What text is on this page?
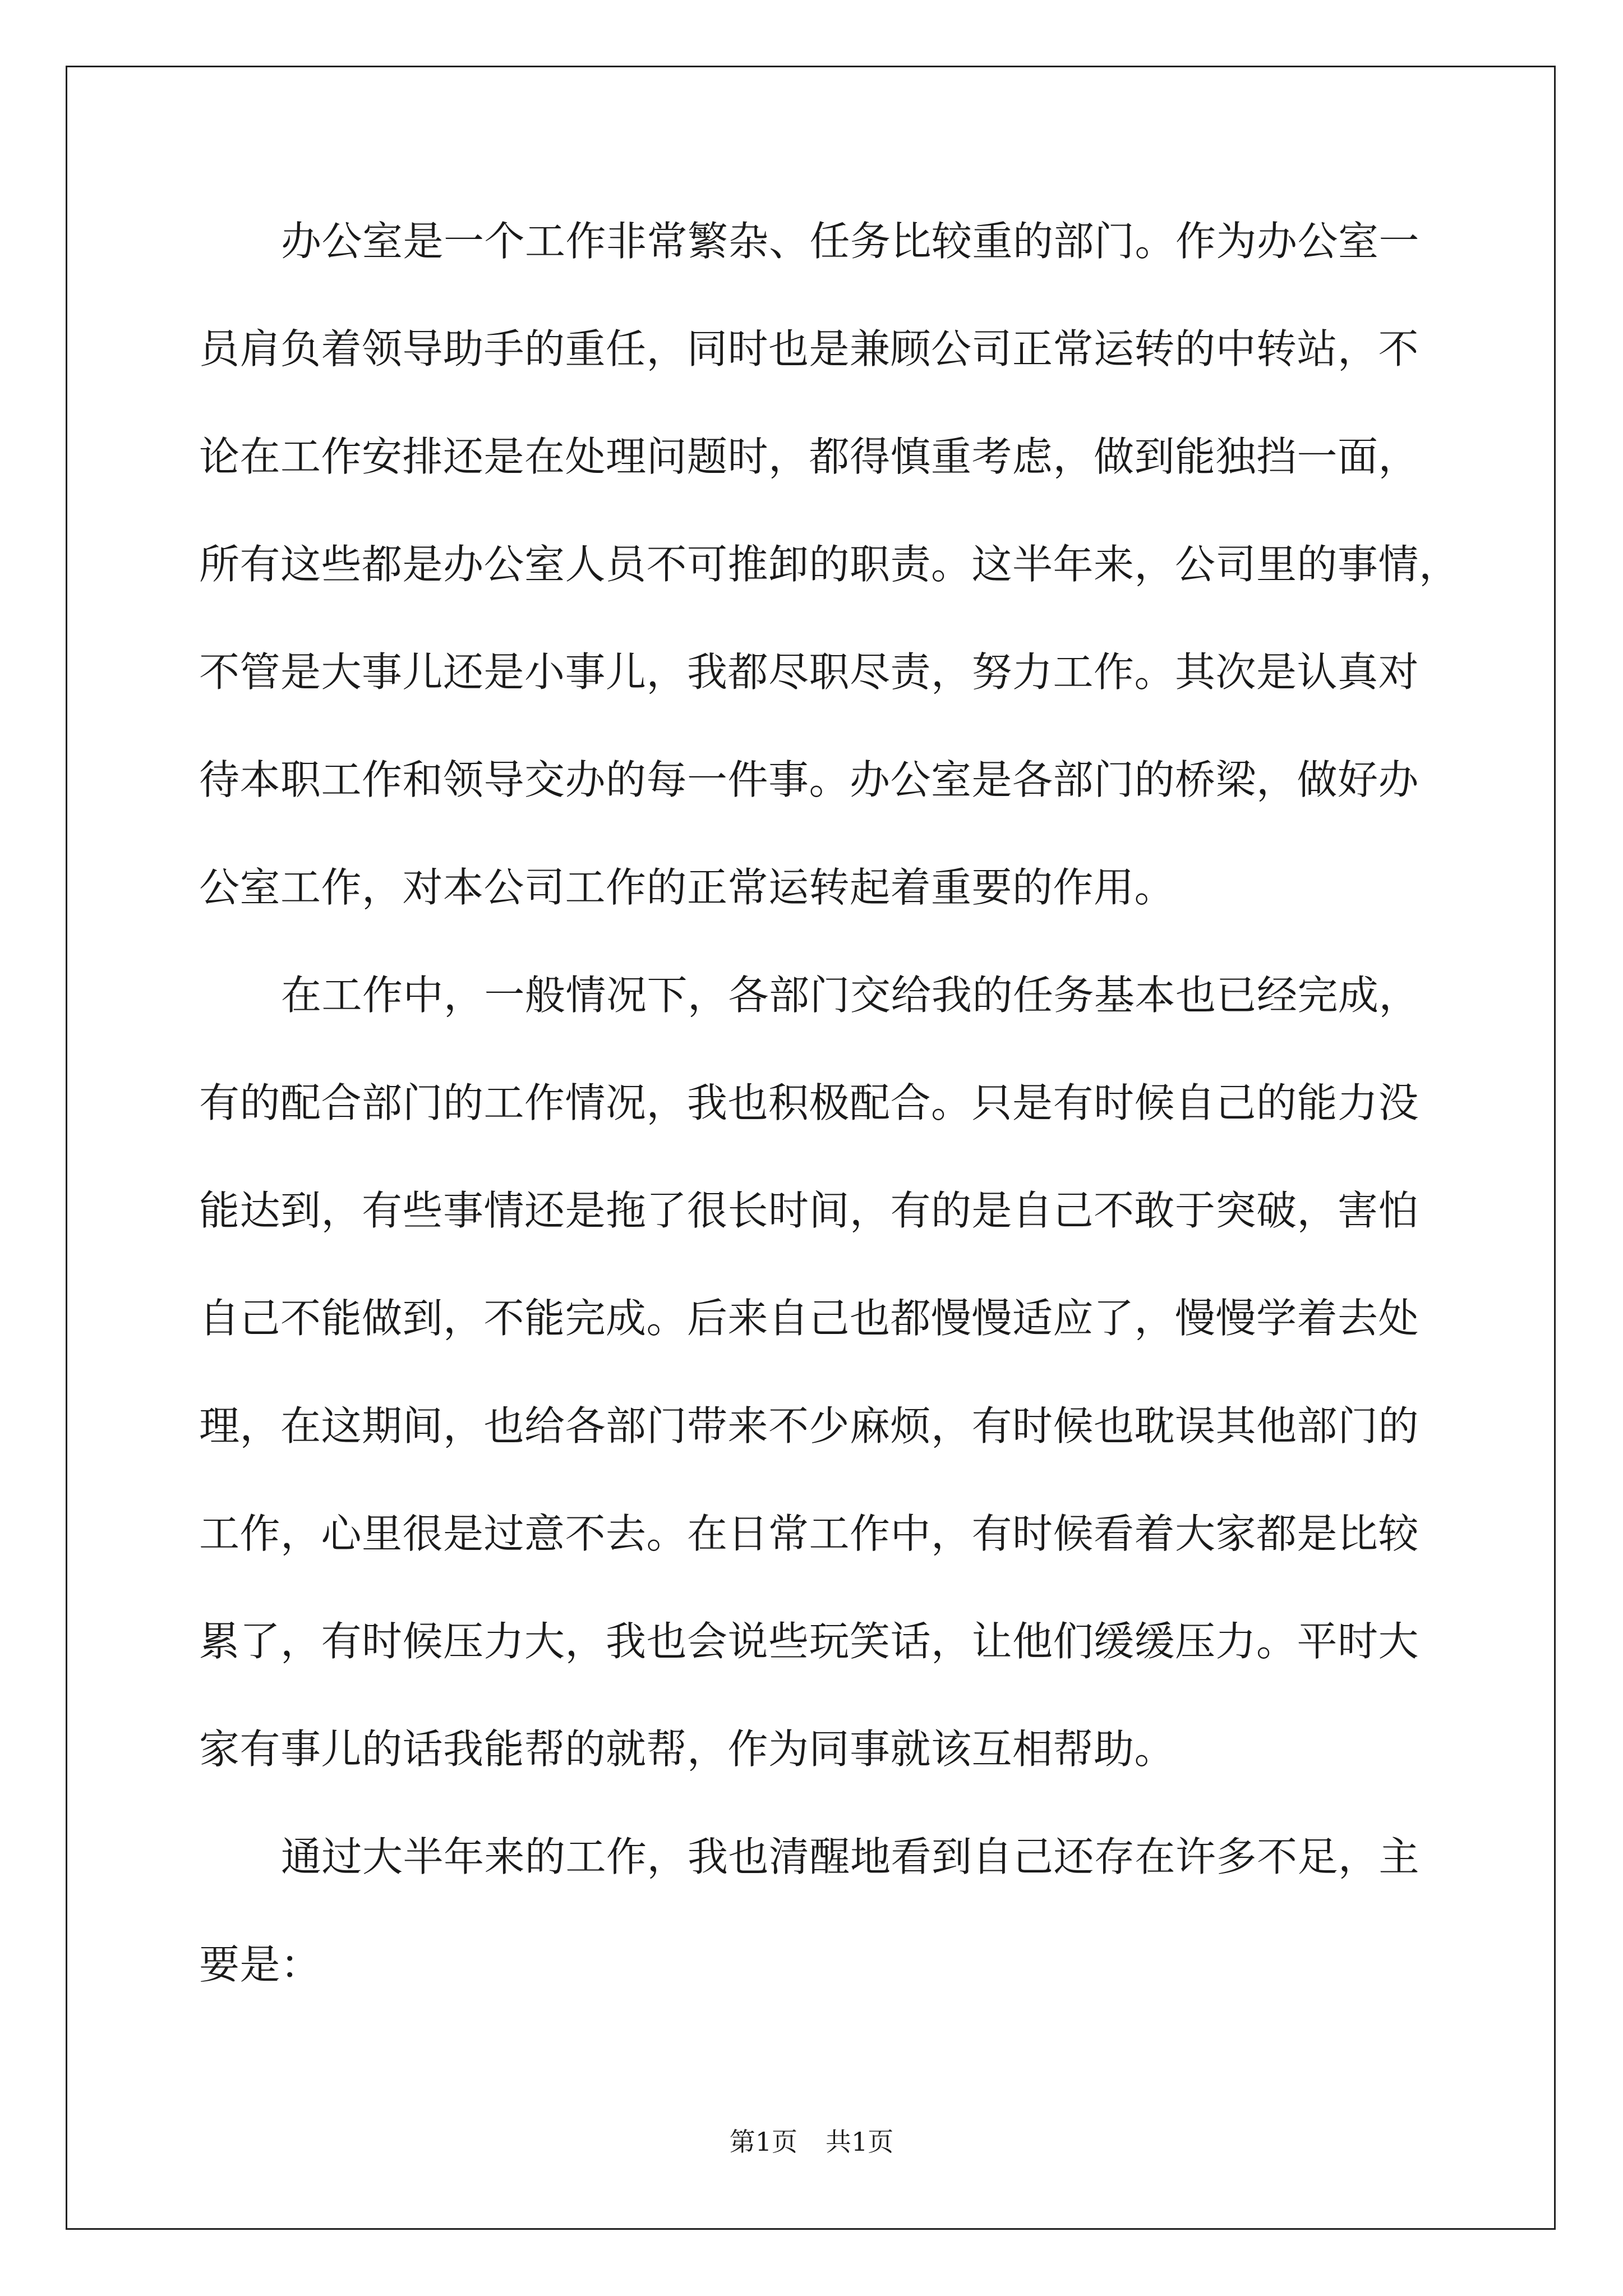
办公室是一个工作非常繁杂、任务比较重的部门。作为办公室一
员肩负着领导助手的重任，同时也是兼顾公司正常运转的中转站，不
论在工作安排还是在处理问题时，都得慎重考虑，做到能独挡一面，
所有这些都是办公室人员不可推卸的职责。这半年来，公司里的事情，
不管是大事儿还是小事儿，我都尽职尽责，努力工作。其次是认真对
待本职工作和领导交办的每一件事。办公室是各部门的桥梁，做好办
公室工作，对本公司工作的正常运转起着重要的作用。
在工作中，一般情况下，各部门交给我的任务基本也已经完成，
有的配合部门的工作情况，我也积极配合。只是有时候自己的能力没
能达到，有些事情还是拖了很长时间，有的是自己不敢于突破，害怕
自己不能做到，不能完成。后来自己也都慢慢适应了，慢慢学着去处
理，在这期间，也给各部门带来不少麻烦，有时候也耽误其他部门的
工作，心里很是过意不去。在日常工作中，有时候看着大家都是比较
累了，有时候压力大，我也会说些玩笑话，让他们缓缓压力。平时大
家有事儿的话我能帮的就帮，作为同事就该互相帮助。
通过大半年来的工作，我也清醒地看到自己还存在许多不足，主
要是：
第1页 共1页
